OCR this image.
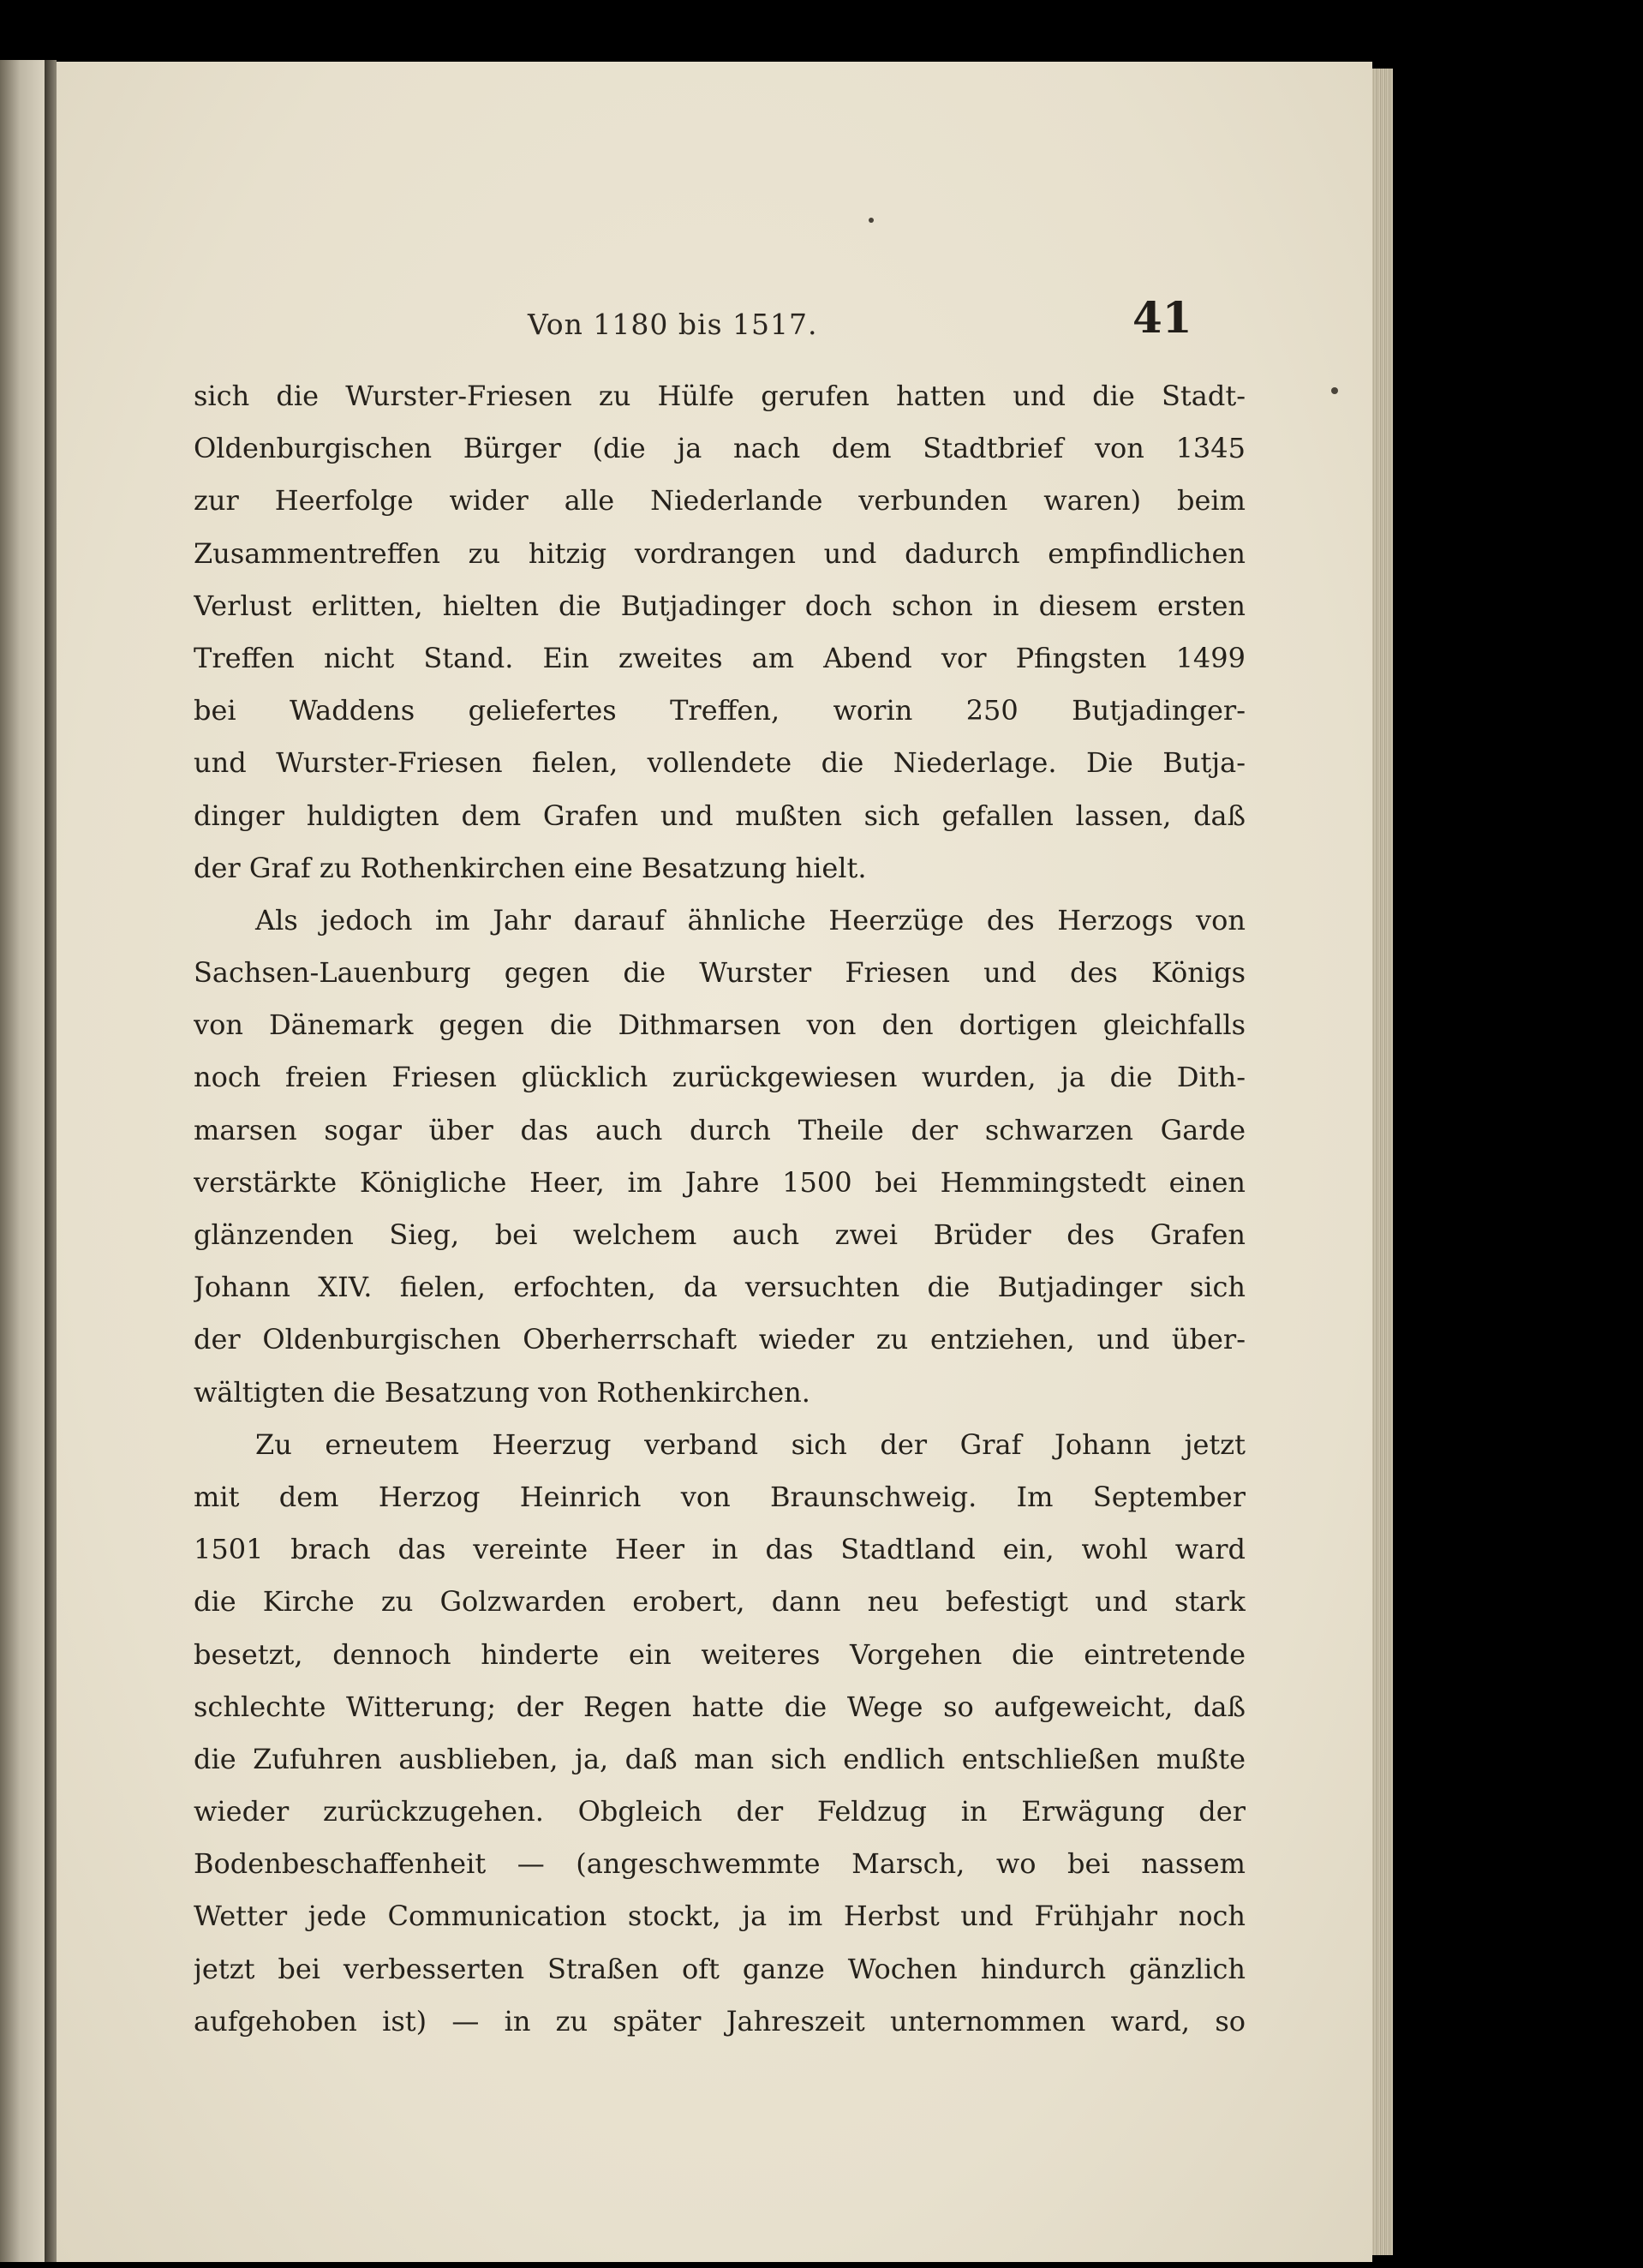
Von 1180 bis 1517.	41
sich die Wurster-Friesen zu Hülfe gerufen hatten und die Stadt-
Oldenburgischen Bürger (die ja nach dem Stadtbrief von 1345
zur Heerfolge wider alle Niederlande verbunden waren) beim
Zusammentreffen zu hitzig vordrangen und dadurch empfindlichen
Verlust erlitten, hielten die Butjadinger doch schon in diesem ersten
Treffen nicht Stand. Ein zweites am Abend vor Pfingsten 1499
bei Waddens geliefertes Treffen, worin 250 Butjadinger-
und Wurster-Friesen fielen, vollendete die Niederlage. Die Butja-
dinger huldigten dem Grafen und mußten sich gefallen lassen, daß
der Graf zu Rothenkirchen eine Besatzung hielt.
Als jedoch im Jahr darauf ähnliche Heerzüge des Herzogs von
Sachsen-Lauenburg gegen die Wurster Friesen und des Königs
von Dänemark gegen die Dithmarsen von den dortigen gleichfalls
noch freien Friesen glücklich zurückgewiesen wurden, ja die Dith-
marsen sogar über das auch durch Theile der schwarzen Garde
verstärkte Königliche Heer, im Jahre 1500 bei Hemmingstedt einen
glänzenden Sieg, bei welchem auch zwei Brüder des Grafen
Johann XIV. fielen, erfochten, da versuchten die Butjadinger sich
der Oldenburgischen Oberherrschaft wieder zu entziehen, und über-
wältigten die Besatzung von Rothenkirchen.
Zu erneutem Heerzug verband sich der Graf Johann jetzt
mit dem Herzog Heinrich von Braunschweig. Im September
1501 brach das vereinte Heer in das Stadtland ein, wohl ward
die Kirche zu Golzwarden erobert, dann neu befestigt und stark
besetzt, dennoch hinderte ein weiteres Vorgehen die eintretende
schlechte Witterung; der Regen hatte die Wege so aufgeweicht, daß
die Zufuhren ausblieben, ja, daß man sich endlich entschließen mußte
wieder zurückzugehen. Obgleich der Feldzug in Erwägung der
Bodenbeschaffenheit — (angeschwemmte Marsch, wo bei nassem
Wetter jede Communication stockt, ja im Herbst und Frühjahr noch
jetzt bei verbesserten Straßen oft ganze Wochen hindurch gänzlich
aufgehoben ist) — in zu später Jahreszeit unternommen ward, so
